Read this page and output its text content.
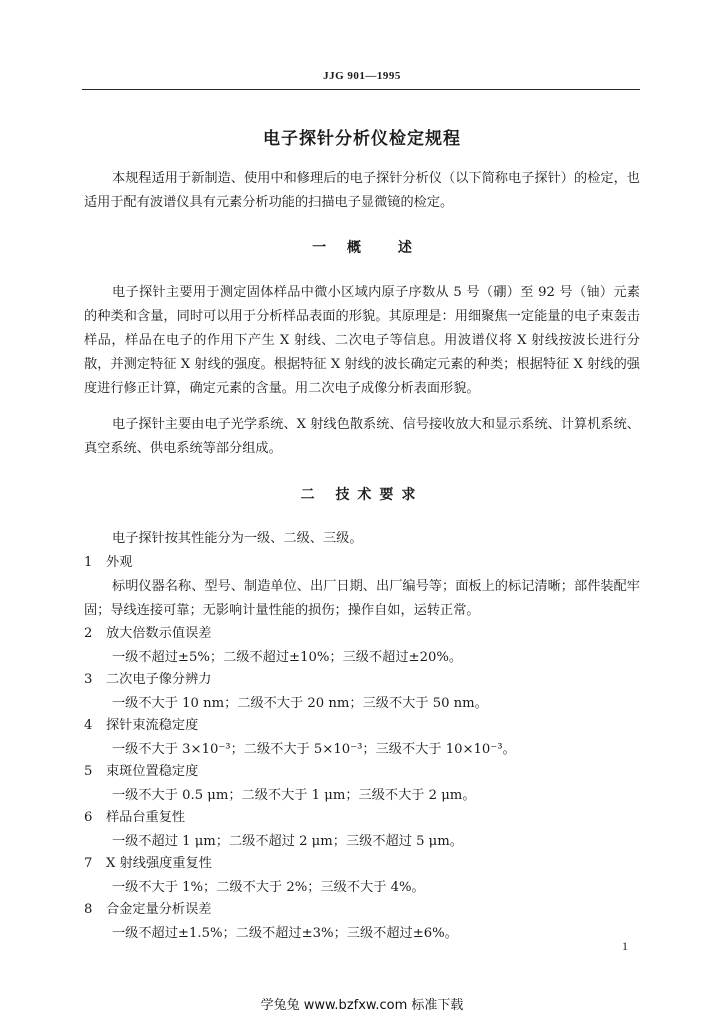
JJG 901—1995
电子探针分析仪检定规程
本规程适用于新制造、使用中和修理后的电子探针分析仪（以下简称电子探针）的检定，也适用于配有波谱仪具有元素分析功能的扫描电子显微镜的检定。
一 概	述
电子探针主要用于测定固体样品中微小区域内原子序数从 5 号（硼）至 92 号（铀）元素的种类和含量，同时可以用于分析样品表面的形貌。其原理是：用细聚焦一定能量的电子束轰击样品，样品在电子的作用下产生 X 射线、二次电子等信息。用波谱仪将 X 射线按波长进行分散，并测定特征 X 射线的强度。根据特征 X 射线的波长确定元素的种类；根据特征 X 射线的强度进行修正计算，确定元素的含量。用二次电子成像分析表面形貌。
电子探针主要由电子光学系统、X 射线色散系统、信号接收放大和显示系统、计算机系统、真空系统、供电系统等部分组成。
二 技术要求
电子探针按其性能分为一级、二级、三级。
1 外观
标明仪器名称、型号、制造单位、出厂日期、出厂编号等；面板上的标记清晰；部件装配牢固；导线连接可靠；无影响计量性能的损伤；操作自如，运转正常。
2 放大倍数示值误差
一级不超过±5%；二级不超过±10%；三级不超过±20%。
3 二次电子像分辨力
一级不大于 10 nm；二级不大于 20 nm；三级不大于 50 nm。
4 探针束流稳定度
一级不大于 3×10⁻³；二级不大于 5×10⁻³；三级不大于 10×10⁻³。
5 束斑位置稳定度
一级不大于 0.5 μm；二级不大于 1 μm；三级不大于 2 μm。
6 样品台重复性
一级不超过 1 μm；二级不超过 2 μm；三级不超过 5 μm。
7 X 射线强度重复性
一级不大于 1%；二级不大于 2%；三级不大于 4%。
8 合金定量分析误差
一级不超过±1.5%；二级不超过±3%；三级不超过±6%。
1
学兔兔 www.bzfxw.com 标准下载
